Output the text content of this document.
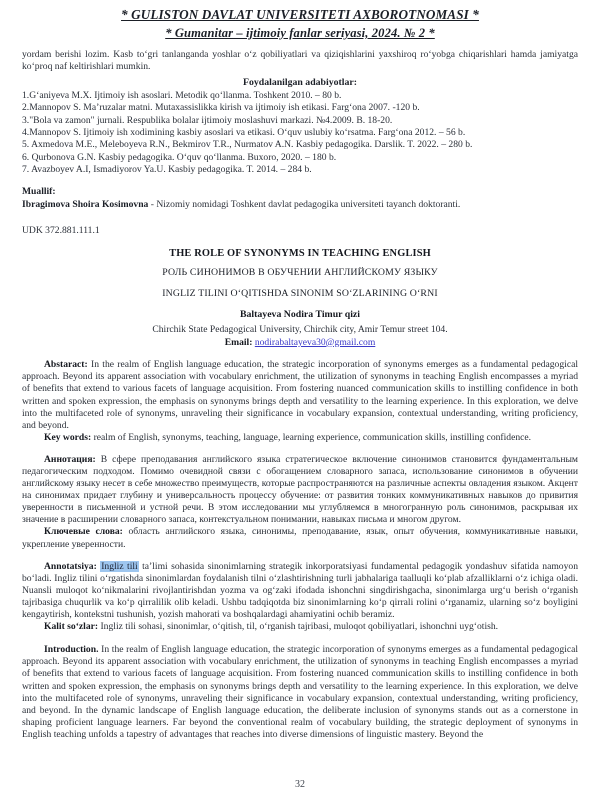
* GULISTON DAVLAT UNIVERSITETI AXBOROTNOMASI *
* Gumanitar – ijtimoiy fanlar seriyasi, 2024. № 2 *

yordam berishi lozim. Kasb to‘gri tanlanganda yoshlar o‘z qobiliyatlari va qiziqishlarini yaxshiroq ro‘yobga chiqarishlari hamda jamiyatga ko‘proq naf keltirishlari mumkin.

Foydalanilgan adabiyotlar:
1.G‘aniyeva M.X. Ijtimoiy ish asoslari. Metodik qo‘llanma. Toshkent 2010. – 80 b.
2.Mannopov S. Ma’ruzalar matni. Mutaxassislikka kirish va ijtimoiy ish etikasi. Farg‘ona 2007. -120 b.
3."Bola va zamon" jurnali. Respublika bolalar ijtimoiy moslashuvi markazi. №4.2009. B. 18-20.
4.Mannopov S. Ijtimoiy ish xodimining kasbiy asoslari va etikasi. O‘quv uslubiy ko‘rsatma. Farg‘ona 2012. – 56 b.
5. Axmedova M.E., Meleboyeva R.N., Bekmirov T.R., Nurmatov A.N. Kasbiy pedagogika. Darslik. T. 2022. – 280 b.
6. Qurbonova G.N. Kasbiy pedagogika. O‘quv qo‘llanma. Buxoro, 2020. – 180 b.
7. Avazboyev A.I, Ismadiyorov Ya.U. Kasbiy pedagogika. T. 2014. – 284 b.
Muallif:
Ibragimova Shoira Kosimovna - Nizomiy nomidagi Toshkent davlat pedagogika universiteti tayanch doktoranti.
UDK 372.881.111.1
THE ROLE OF SYNONYMS IN TEACHING ENGLISH
РОЛЬ СИНОНИМОВ В ОБУЧЕНИИ АНГЛИЙСКОМУ ЯЗЫКУ
INGLIZ TILINI O‘QITISHDA SINONIM SO‘ZLARINING O‘RNI
Baltayeva Nodira Timur qizi
Chirchik State Pedagogical University, Chirchik city, Amir Temur street 104.
Email: nodirabaltayeva30@gmail.com

Abstaract: In the realm of English language education, the strategic incorporation of synonyms emerges as a fundamental pedagogical approach. Beyond its apparent association with vocabulary enrichment, the utilization of synonyms in teaching English encompasses a myriad of benefits that extend to various facets of language acquisition. From fostering nuanced communication skills to instilling confidence in both written and spoken expression, the emphasis on synonyms brings depth and versatility to the learning experience. In this exploration, we delve into the multifaceted role of synonyms, unraveling their significance in vocabulary expansion, contextual understanding, writing proficiency, and beyond.

Key words: realm of English, synonyms, teaching, language, learning experience, communication skills, instilling confidence.

Аннотация: В сфере преподавания английского языка стратегическое включение синонимов становится фундаментальным педагогическим подходом. Помимо очевидной связи с обогащением словарного запаса, использование синонимов в обучении английскому языку несет в себе множество преимуществ, которые распространяются на различные аспекты овладения языком. Акцент на синонимах придает глубину и универсальность процессу обучение: от развития тонких коммуникативных навыков до привития уверенности в письменной и устной речи. В этом исследовании мы углубляемся в многогранную роль синонимов, раскрывая их значение в расширении словарного запаса, контекстуальном понимании, навыках письма и многом другом.

Ключевые слова: область английского языка, синонимы, преподавание, язык, опыт обучения, коммуникативные навыки, укрепление уверенности.

Annotatsiya: Ingliz tili ta’limi sohasida sinonimlarning strategik inkorporatsiyasi fundamental pedagogik yondashuv sifatida namoyon bo‘ladi. Ingliz tilini o‘rgatishda sinonimlardan foydalanish tilni o‘zlashtirishning turli jabhalariga taalluqli ko‘plab afzalliklarni o‘z ichiga oladi. Nuansli muloqot ko‘nikmalarini rivojlantirishdan yozma va og‘zaki ifodada ishonchni singdirishgacha, sinonimlarga urg‘u berish o‘rganish tajribasiga chuqurlik va ko‘p qirralilik olib keladi. Ushbu tadqiqotda biz sinonimlarning ko‘p qirrali rolini o‘rganamiz, ularning so‘z boyligini kengaytirish, kontekstni tushunish, yozish mahorati va boshqalardagi ahamiyatini ochib beramiz.

Kalit so‘zlar: Ingliz tili sohasi, sinonimlar, o‘qitish, til, o‘rganish tajribasi, muloqot qobiliyatlari, ishonchni uyg‘otish.

Introduction. In the realm of English language education, the strategic incorporation of synonyms emerges as a fundamental pedagogical approach. Beyond its apparent association with vocabulary enrichment, the utilization of synonyms in teaching English encompasses a myriad of benefits that extend to various facets of language acquisition. From fostering nuanced communication skills to instilling confidence in both written and spoken expression, the emphasis on synonyms brings depth and versatility to the learning experience. In this exploration, we delve into the multifaceted role of synonyms, unraveling their significance in vocabulary expansion, contextual understanding, writing proficiency, and beyond. In the dynamic landscape of English language education, the deliberate inclusion of synonyms stands out as a cornerstone in shaping proficient language learners. Far beyond the conventional realm of vocabulary building, the strategic deployment of synonyms in English teaching unfolds a tapestry of advantages that reaches into diverse dimensions of linguistic mastery. Beyond the

32
